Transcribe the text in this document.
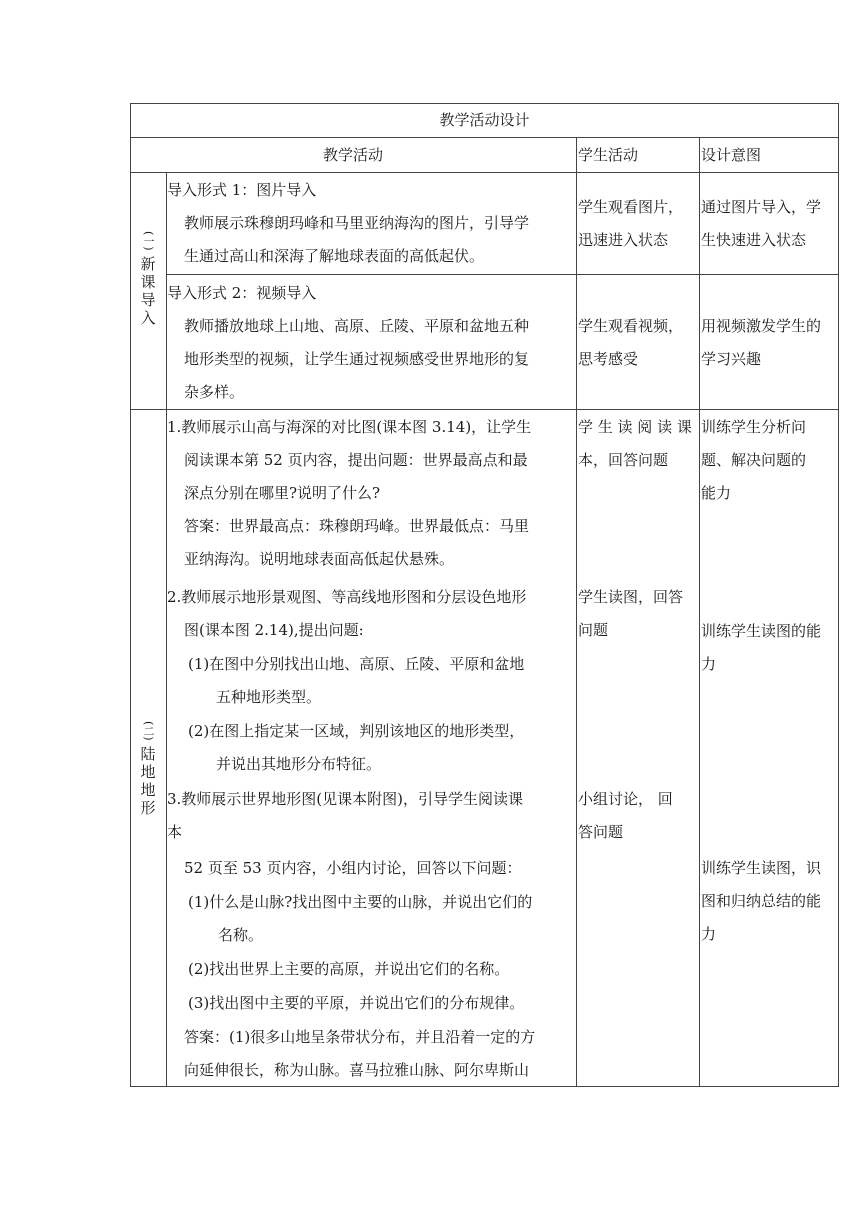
教学活动设计
教学活动	学生活动	设计意图
(一)
新
课
导
入
导入形式 1：图片导入
教师展示珠穆朗玛峰和马里亚纳海沟的图片，引导学
生通过高山和深海了解地球表面的高低起伏。
学生观看图片，
迅速进入状态
通过图片导入，学
生快速进入状态
导入形式 2：视频导入
教师播放地球上山地、高原、丘陵、平原和盆地五种
地形类型的视频，让学生通过视频感受世界地形的复
杂多样。
学生观看视频，
思考感受
用视频激发学生的
学习兴趣
(二)
陆
地
地
形
1.教师展示山高与海深的对比图(课本图 3.14)，让学生
阅读课本第 52 页内容，提出问题：世界最高点和最
深点分别在哪里?说明了什么?
答案：世界最高点：珠穆朗玛峰。世界最低点：马里
亚纳海沟。说明地球表面高低起伏悬殊。
2.教师展示地形景观图、等高线地形图和分层设色地形
图(课本图 2.14),提出问题:
(1)在图中分别找出山地、高原、丘陵、平原和盆地
五种地形类型。
(2)在图上指定某一区域，判别该地区的地形类型，
并说出其地形分布特征。
3.教师展示世界地形图(见课本附图)，引导学生阅读课
本
52 页至 53 页内容，小组内讨论，回答以下问题：
(1)什么是山脉?找出图中主要的山脉，并说出它们的
名称。
(2)找出世界上主要的高原，并说出它们的名称。
(3)找出图中主要的平原，并说出它们的分布规律。
答案：(1)很多山地呈条带状分布，并且沿着一定的方
向延伸很长，称为山脉。喜马拉雅山脉、阿尔卑斯山
学 生 读 阅 读 课
本，回答问题
学生读图，回答
问题
小组讨论， 回
答问题
训练学生分析问
题、解决问题的
能力
训练学生读图的能
力
训练学生读图，识
图和归纳总结的能
力
